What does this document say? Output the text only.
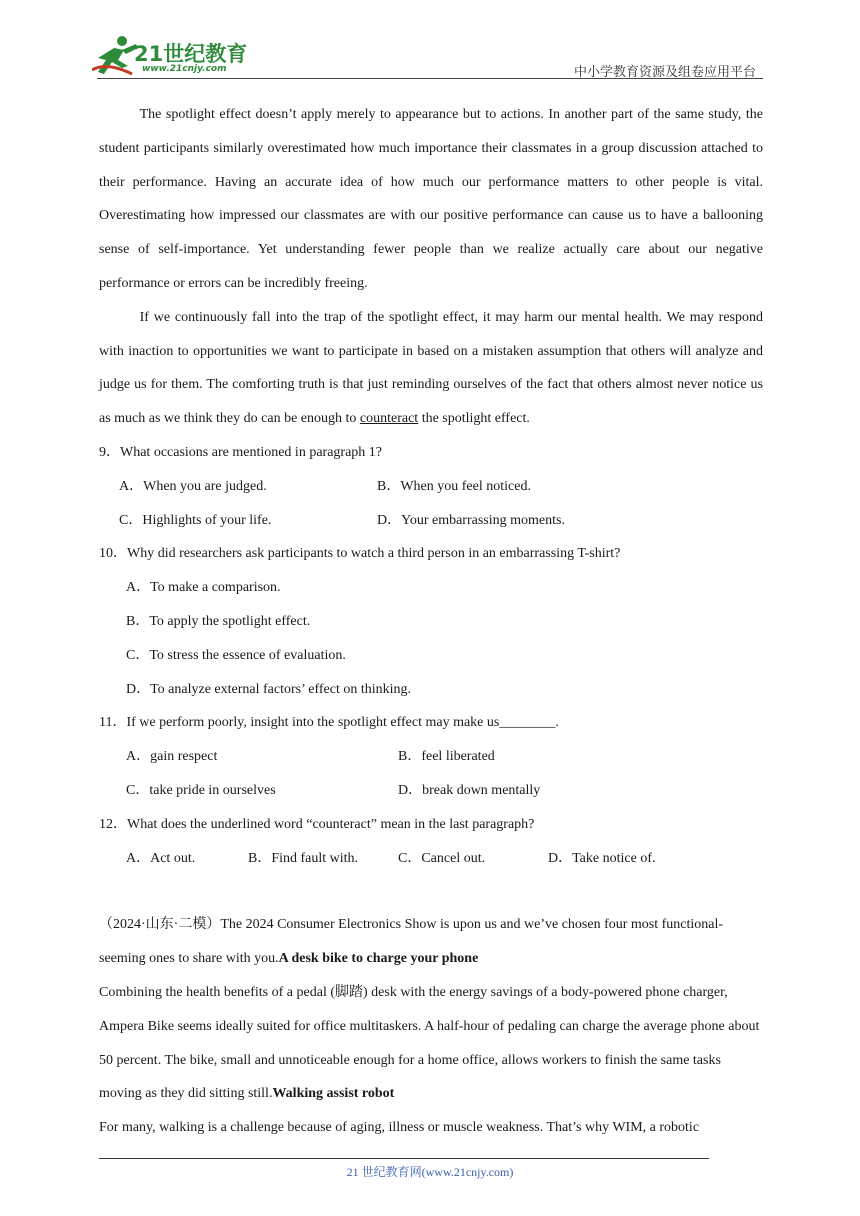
21世纪教育
www.21cnjy.com	中小学教育资源及组卷应用平台

The spotlight effect doesn’t apply merely to appearance but to actions. In another part of the same study, the student participants similarly overestimated how much importance their classmates in a group discussion attached to their performance. Having an accurate idea of how much our performance matters to other people is vital. Overestimating how impressed our classmates are with our positive performance can cause us to have a ballooning sense of self-importance. Yet understanding fewer people than we realize actually care about our negative performance or errors can be incredibly freeing.

If we continuously fall into the trap of the spotlight effect, it may harm our mental health. We may respond with inaction to opportunities we want to participate in based on a mistaken assumption that others will analyze and judge us for them. The comforting truth is that just reminding ourselves of the fact that others almost never notice us as much as we think they do can be enough to counteract the spotlight effect.

9．What occasions are mentioned in paragraph 1?

A．When you are judged.	B．When you feel noticed.
C．Highlights of your life.	D．Your embarrassing moments.

10．Why did researchers ask participants to watch a third person in an embarrassing T-shirt?

A．To make a comparison.

B．To apply the spotlight effect.

C．To stress the essence of evaluation.

D．To analyze external factors’ effect on thinking.

11．If we perform poorly, insight into the spotlight effect may make us________.

A．gain respect	B．feel liberated
C．take pride in ourselves	D．break down mentally

12．What does the underlined word “counteract” mean in the last paragraph?

A．Act out.	B．Find fault with.	C．Cancel out.	D．Take notice of.

（2024·山东·二模）The 2024 Consumer Electronics Show is upon us and we’ve chosen four most functional-seeming ones to share with you.A desk bike to charge your phone

Combining the health benefits of a pedal (脚踏) desk with the energy savings of a body-powered phone charger, Ampera Bike seems ideally suited for office multitaskers. A half-hour of pedaling can charge the average phone about 50 percent. The bike, small and unnoticeable enough for a home office, allows workers to finish the same tasks moving as they did sitting still.Walking assist robot

For many, walking is a challenge because of aging, illness or muscle weakness. That’s why WIM, a robotic

21 世纪教育网(www.21cnjy.com)
